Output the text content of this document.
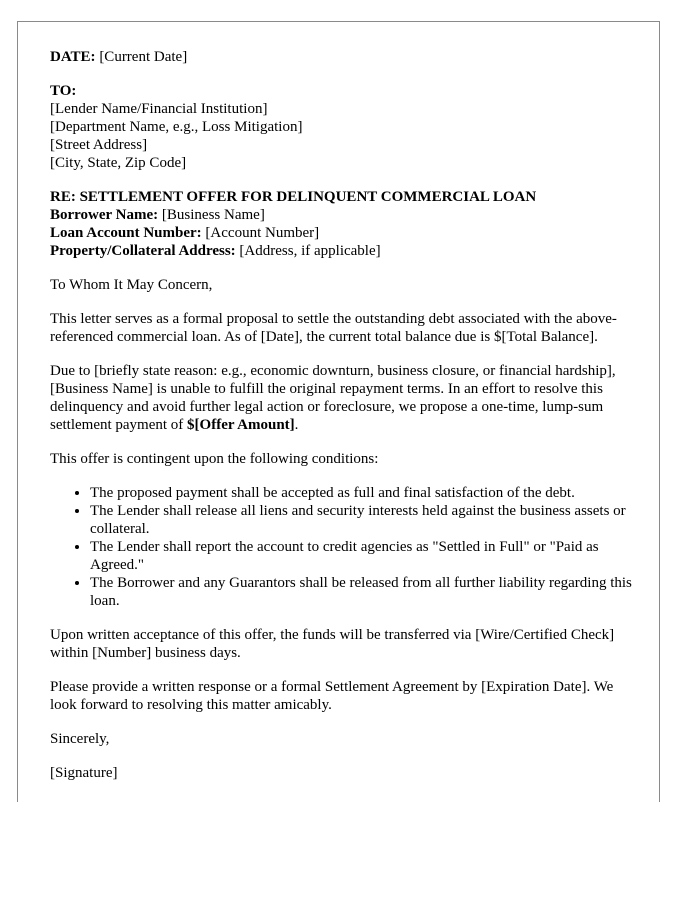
DATE: [Current Date]

TO:
[Lender Name/Financial Institution]
[Department Name, e.g., Loss Mitigation]
[Street Address]
[City, State, Zip Code]

RE: SETTLEMENT OFFER FOR DELINQUENT COMMERCIAL LOAN
Borrower Name: [Business Name]
Loan Account Number: [Account Number]
Property/Collateral Address: [Address, if applicable]

To Whom It May Concern,

This letter serves as a formal proposal to settle the outstanding debt associated with the above-referenced commercial loan. As of [Date], the current total balance due is $[Total Balance].

Due to [briefly state reason: e.g., economic downturn, business closure, or financial hardship], [Business Name] is unable to fulfill the original repayment terms. In an effort to resolve this delinquency and avoid further legal action or foreclosure, we propose a one-time, lump-sum settlement payment of $[Offer Amount].

This offer is contingent upon the following conditions:

• The proposed payment shall be accepted as full and final satisfaction of the debt.
• The Lender shall release all liens and security interests held against the business assets or collateral.
• The Lender shall report the account to credit agencies as "Settled in Full" or "Paid as Agreed."
• The Borrower and any Guarantors shall be released from all further liability regarding this loan.

Upon written acceptance of this offer, the funds will be transferred via [Wire/Certified Check] within [Number] business days.

Please provide a written response or a formal Settlement Agreement by [Expiration Date]. We look forward to resolving this matter amicably.

Sincerely,

[Signature]
